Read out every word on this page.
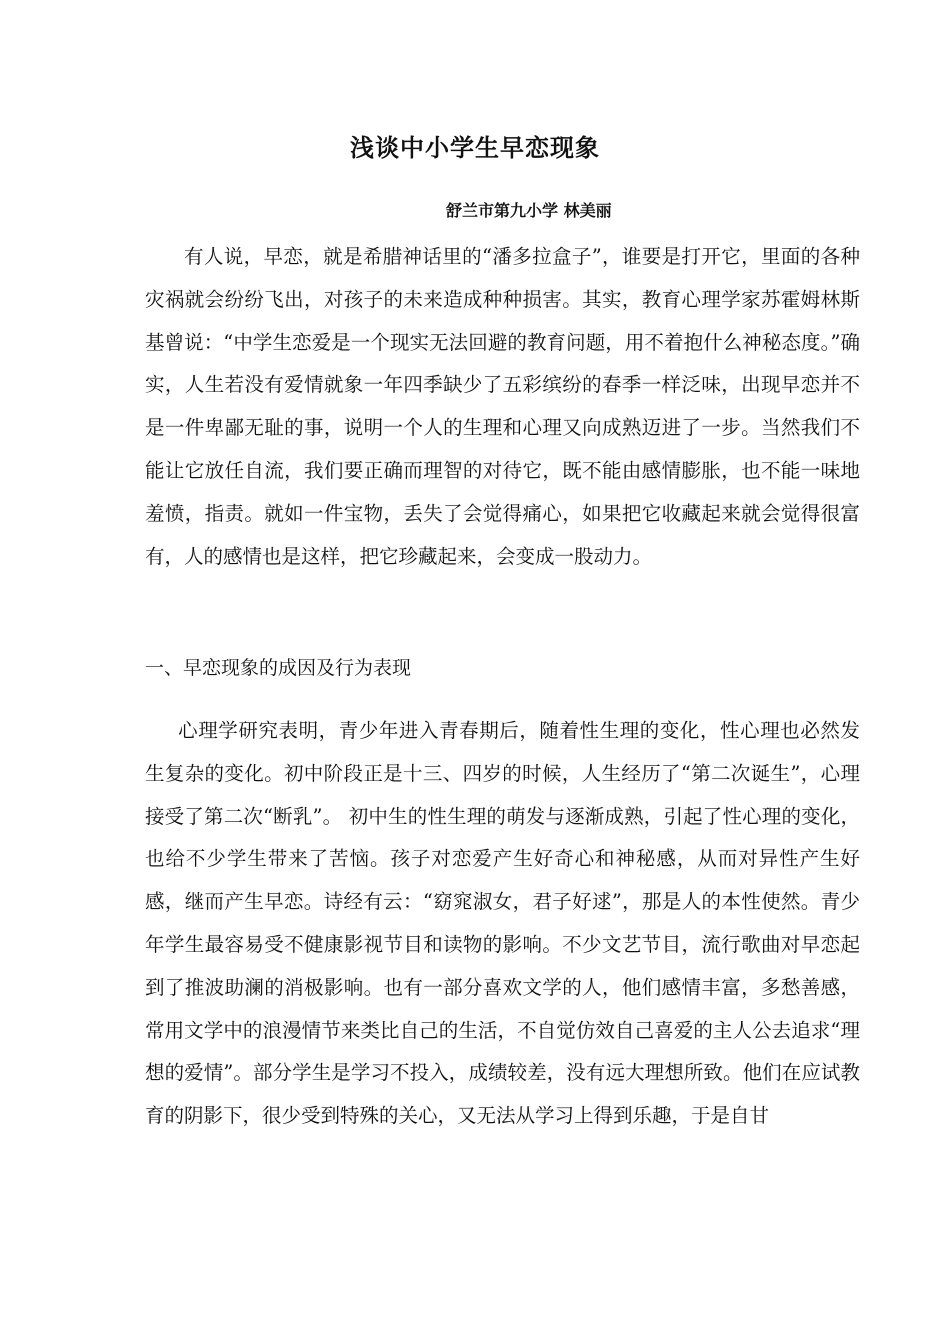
浅谈中小学生早恋现象
舒兰市第九小学 林美丽

有人说，早恋，就是希腊神话里的“潘多拉盒子”，谁要是打开它，里面的各种灾祸就会纷纷飞出，对孩子的未来造成种种损害。其实，教育心理学家苏霍姆林斯基曾说：“中学生恋爱是一个现实无法回避的教育问题，用不着抱什么神秘态度。”确实，人生若没有爱情就象一年四季缺少了五彩缤纷的春季一样泛味，出现早恋并不是一件卑鄙无耻的事，说明一个人的生理和心理又向成熟迈进了一步。当然我们不能让它放任自流，我们要正确而理智的对待它，既不能由感情膨胀，也不能一味地羞愤，指责。就如一件宝物，丢失了会觉得痛心，如果把它收藏起来就会觉得很富有，人的感情也是这样，把它珍藏起来，会变成一股动力。

一、早恋现象的成因及行为表现

心理学研究表明，青少年进入青春期后，随着性生理的变化，性心理也必然发生复杂的变化。初中阶段正是十三、四岁的时候，人生经历了“第二次诞生”，心理接受了第二次“断乳”。 初中生的性生理的萌发与逐渐成熟，引起了性心理的变化，也给不少学生带来了苦恼。孩子对恋爱产生好奇心和神秘感，从而对异性产生好感，继而产生早恋。诗经有云：“窈窕淑女，君子好逑”，那是人的本性使然。青少年学生最容易受不健康影视节目和读物的影响。不少文艺节目，流行歌曲对早恋起到了推波助澜的消极影响。也有一部分喜欢文学的人，他们感情丰富，多愁善感，常用文学中的浪漫情节来类比自己的生活，不自觉仿效自己喜爱的主人公去追求“理想的爱情”。部分学生是学习不投入，成绩较差，没有远大理想所致。他们在应试教育的阴影下，很少受到特殊的关心，又无法从学习上得到乐趣，于是自甘
